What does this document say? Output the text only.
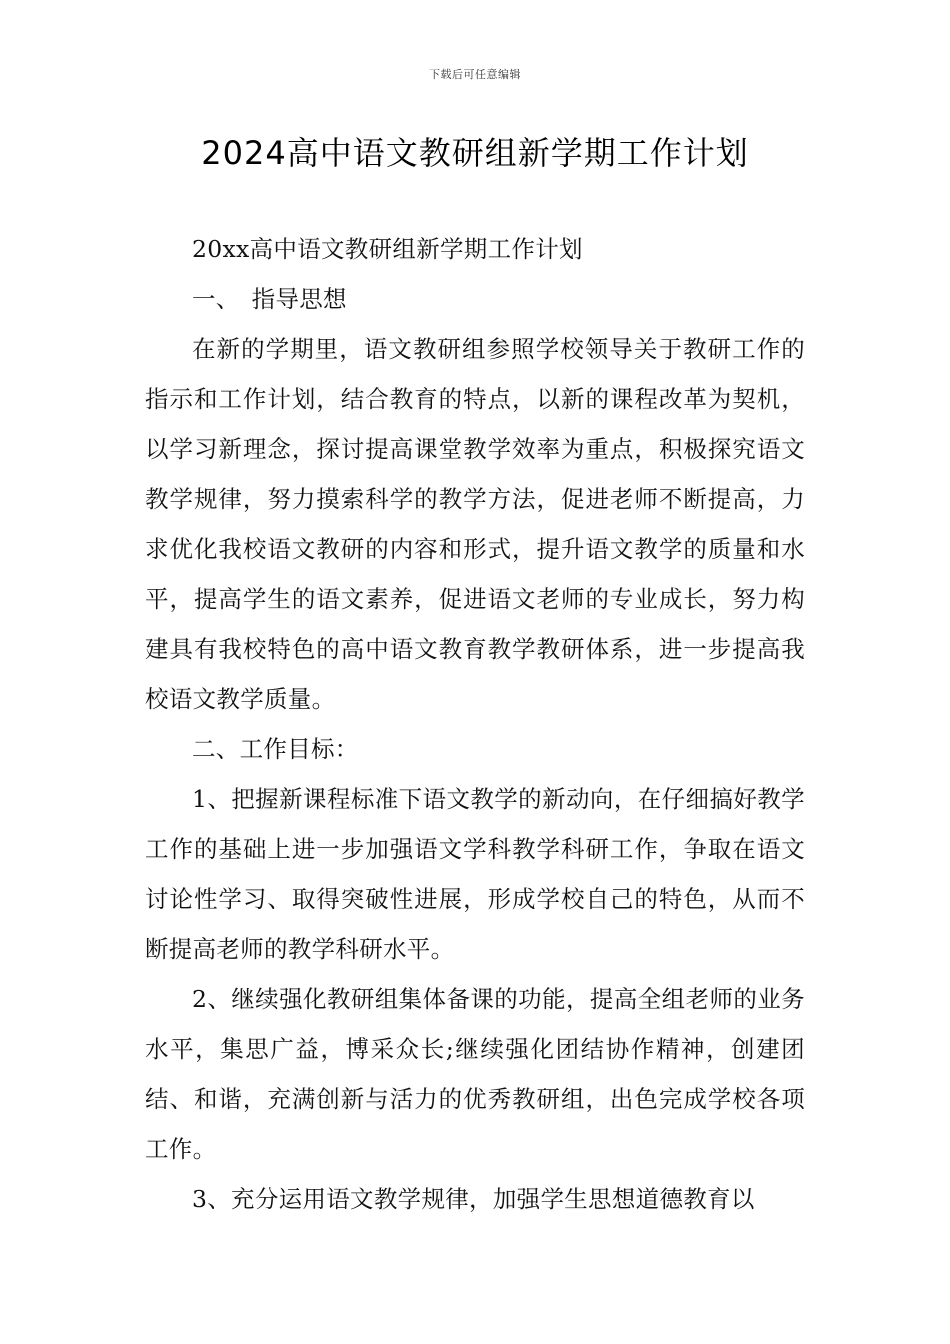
下载后可任意编辑
2024高中语文教研组新学期工作计划

20xx高中语文教研组新学期工作计划

一、　指导思想

在新的学期里，语文教研组参照学校领导关于教研工作的指示和工作计划，结合教育的特点，以新的课程改革为契机，以学习新理念，探讨提高课堂教学效率为重点，积极探究语文教学规律，努力摸索科学的教学方法，促进老师不断提高，力求优化我校语文教研的内容和形式，提升语文教学的质量和水平，提高学生的语文素养，促进语文老师的专业成长，努力构建具有我校特色的高中语文教育教学教研体系，进一步提高我校语文教学质量。

二、工作目标：

1、把握新课程标准下语文教学的新动向，在仔细搞好教学工作的基础上进一步加强语文学科教学科研工作，争取在语文讨论性学习、取得突破性进展，形成学校自己的特色，从而不断提高老师的教学科研水平。

2、继续强化教研组集体备课的功能，提高全组老师的业务水平，集思广益，博采众长;继续强化团结协作精神，创建团结、和谐，充满创新与活力的优秀教研组，出色完成学校各项工作。

3、充分运用语文教学规律，加强学生思想道德教育以
